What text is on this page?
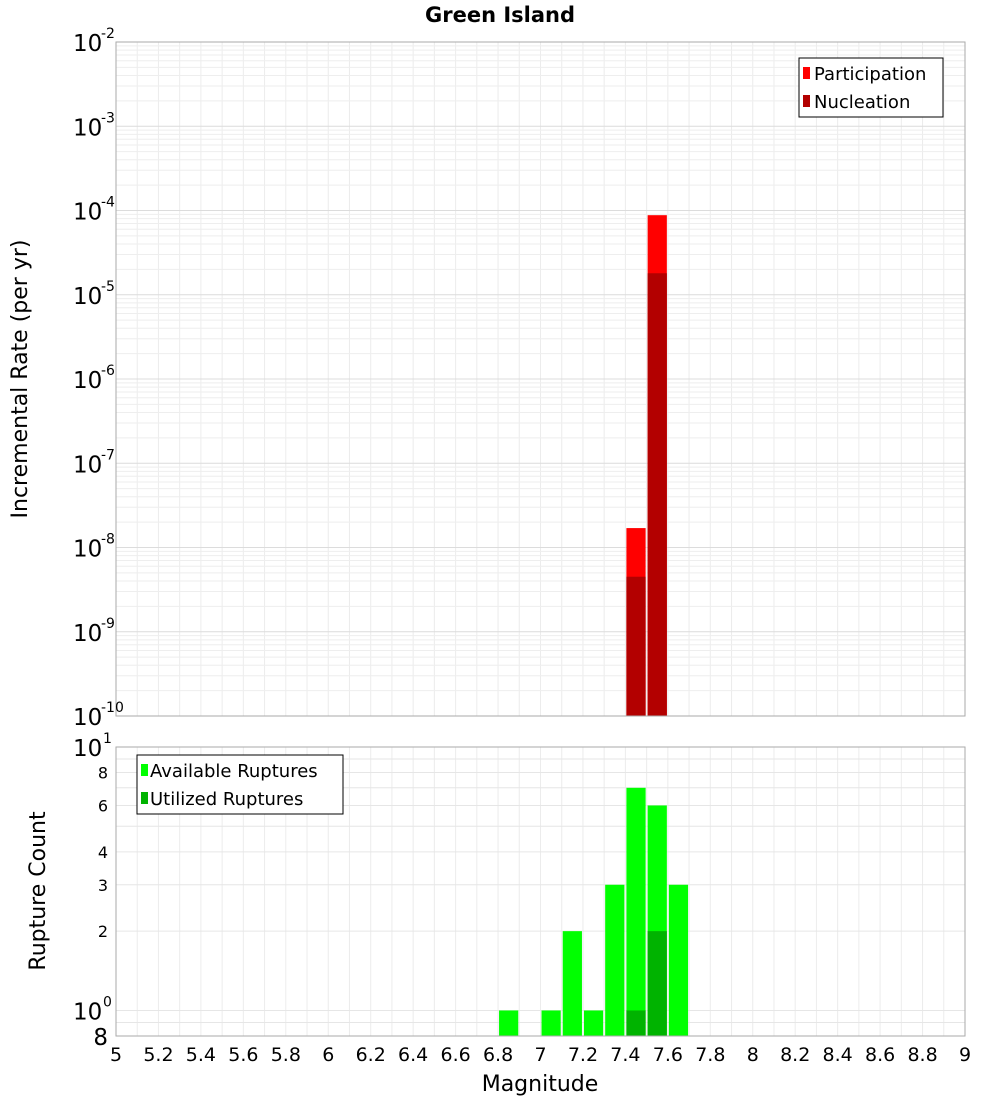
Green Island
10
-10
10
-9
10
-8
10
-7
10
-6
10
-5
10
-4
10
-3
10
-2
Incremental Rate (per yr)
Participation
Nucleation
8
2
3
4
6
8
10 0
10 1
5 5.2 5.4 5.6 5.8 6 6.2 6.4 6.6 6.8 7 7.2 7.4 7.6 7.8 8 8.2 8.4 8.6 8.8 9
Rupture Count
Magnitude
Available Ruptures
Utilized Ruptures
